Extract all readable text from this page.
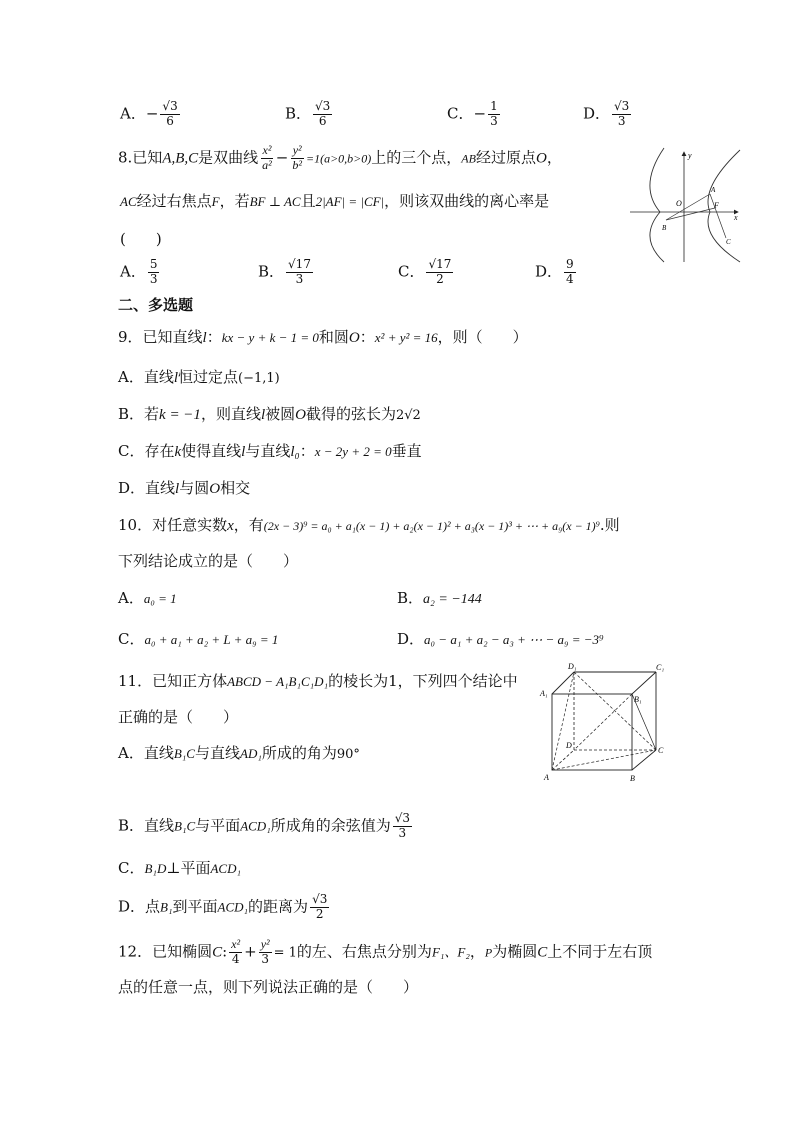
A．− $\frac{√3}{6}$	B． $\frac{√3}{6}$	C．− $\frac{1}{3}$	D． $\frac{√3}{3}$
8.已知A,B,C是双曲线 $\frac{\text{x²}}{\text{a²}} - \frac{\text{y²}}{\text{b²}} =1(a>0,b>0)$上的三个点，AB经过原点O，
AC经过右焦点F，若BF ⊥ AC且2|AF| = |CF|，则该双曲线的离心率是
(　　)
A． $\frac{5}{3}$	B． $\frac{√17}{3}$	C． $\frac{√17}{2}$	D． $\frac{9}{4}$
y
x
O
A
B
C
F
二、多选题
9．已知直线l：kx − y + k − 1 = 0和圆O：x² + y² = 16，则（　　）
A．直线l恒过定点(−1,1)
B．若k = −1，则直线l被圆O截得的弦长为2√2
C．存在k使得直线l与直线l₀：x − 2y + 2 = 0垂直
D．直线l与圆O相交
10．对任意实数x，有(2x − 3)⁹ = a₀ + a₁(x − 1) + a₂(x − 1)² + a₃(x − 1)³ + ⋯ + a₉(x − 1)⁹.则
下列结论成立的是（　　）
A．a₀ = 1	B．a₂ = −144
C．a₀ + a₁ + a₂ + L + a₉ = 1	D．a₀ − a₁ + a₂ − a₃ + ⋯ − a₉ = −3⁹
11．已知正方体ABCD − A₁B₁C₁D₁的棱长为1，下列四个结论中
正确的是（　　）
A．直线B₁C与直线AD₁所成的角为90°
B．直线B₁C与平面ACD₁所成角的余弦值为 $\frac{√3}{3}$
C．B₁D⊥平面ACD₁
D．点B₁到平面ACD₁的距离为 $\frac{√3}{2}$
D₁	C₁
A₁
B₁
D
C
A	B
12．已知椭圆C: $\frac{\text{x²}}{4} + \frac{\text{y²}}{3} = 1$的左、右焦点分别为F₁、F₂，P为椭圆C上不同于左右顶
点的任意一点，则下列说法正确的是（　　）
